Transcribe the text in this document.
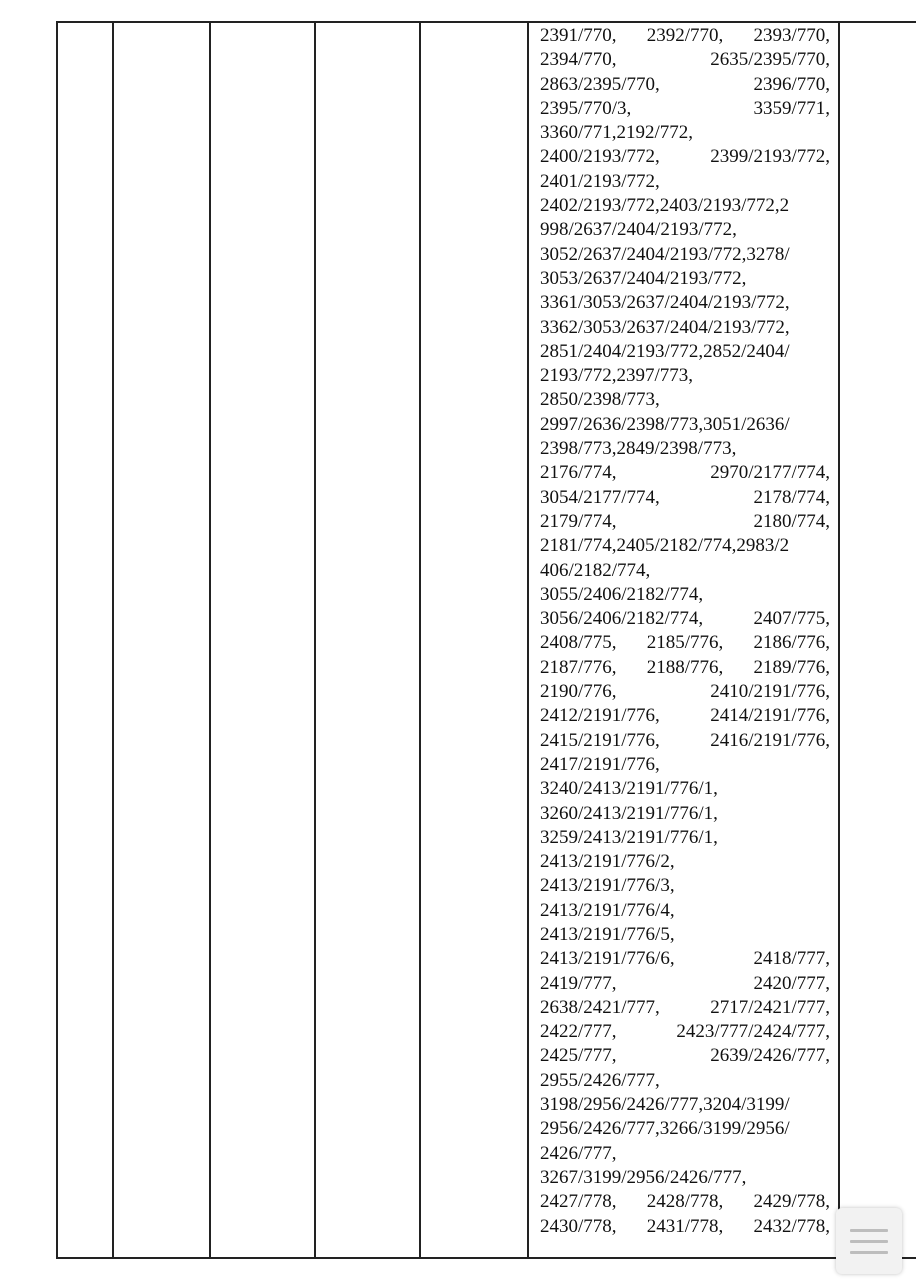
2391/770, 2392/770, 2393/770,
2394/770,	2635/2395/770,
2863/2395/770,	2396/770,
2395/770/3,	3359/771,
3360/771,2192/772,
2400/2193/772,	2399/2193/772,
2401/2193/772,
2402/2193/772,2403/2193/772,2
998/2637/2404/2193/772,
3052/2637/2404/2193/772,3278/
3053/2637/2404/2193/772,
3361/3053/2637/2404/2193/772,
3362/3053/2637/2404/2193/772,
2851/2404/2193/772,2852/2404/
2193/772,2397/773,
2850/2398/773,
2997/2636/2398/773,3051/2636/
2398/773,2849/2398/773,
2176/774,	2970/2177/774,
3054/2177/774,	2178/774,
2179/774,	2180/774,
2181/774,2405/2182/774,2983/2
406/2182/774,
3055/2406/2182/774,
3056/2406/2182/774,	2407/775,
2408/775, 2185/776, 2186/776,
2187/776, 2188/776, 2189/776,
2190/776,	2410/2191/776,
2412/2191/776,	2414/2191/776,
2415/2191/776,	2416/2191/776,
2417/2191/776,
3240/2413/2191/776/1,
3260/2413/2191/776/1,
3259/2413/2191/776/1,
2413/2191/776/2,
2413/2191/776/3,
2413/2191/776/4,
2413/2191/776/5,
2413/2191/776/6,	2418/777,
2419/777,	2420/777,
2638/2421/777,	2717/2421/777,
2422/777,	2423/777/2424/777,
2425/777,	2639/2426/777,
2955/2426/777,
3198/2956/2426/777,3204/3199/
2956/2426/777,3266/3199/2956/
2426/777,
3267/3199/2956/2426/777,
2427/778, 2428/778, 2429/778,
2430/778, 2431/778, 2432/778,
